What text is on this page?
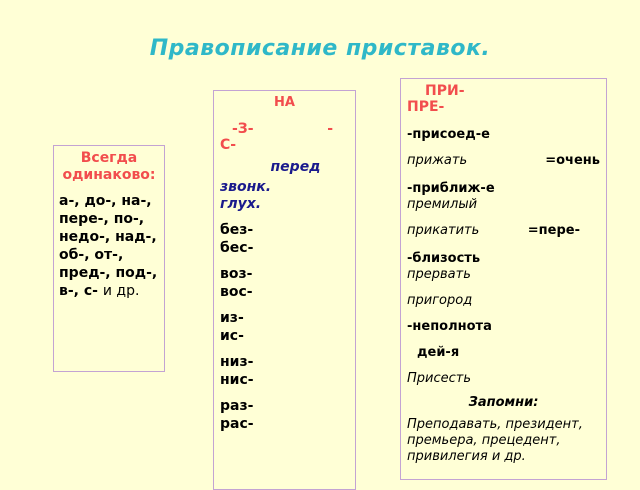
Правописание приставок.
Всегда одинаково:
а-, до-, на-, пере-, по-, недо-, над-, об-, от-, пред-, под-, в-, с- и др.
НА
-З-	-
С-
перед
звонк.
глух.
без-
бес-
воз-
вос-
из-
ис-
низ-
нис-
раз-
рас-
ПРИ-
ПРЕ-

-присоед-е

прижать	=очень

-приближ-е

премилый

прикатить	=пере-

-близость

прервать

пригород

-неполнота

дей-я

Присесть

Запомни:

Преподавать, президент, премьера, прецедент, привилегия и др.
